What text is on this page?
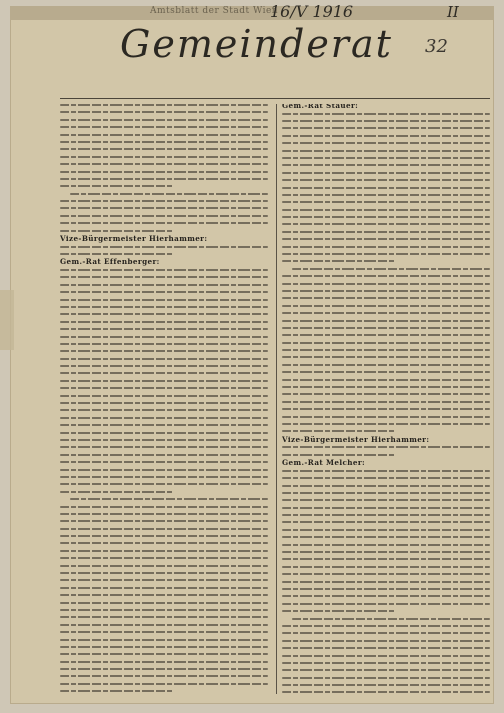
Amtsblatt der Stadt Wien
16/V 1916	II
32
Gemeinderat
Vize-Bürgermeister Hierhammer:
Gem.-Rat Effenberger:
Gem.-Rat Stauer:
Vize-Bürgermeister Hierhammer:
Gem.-Rat Melcher:
